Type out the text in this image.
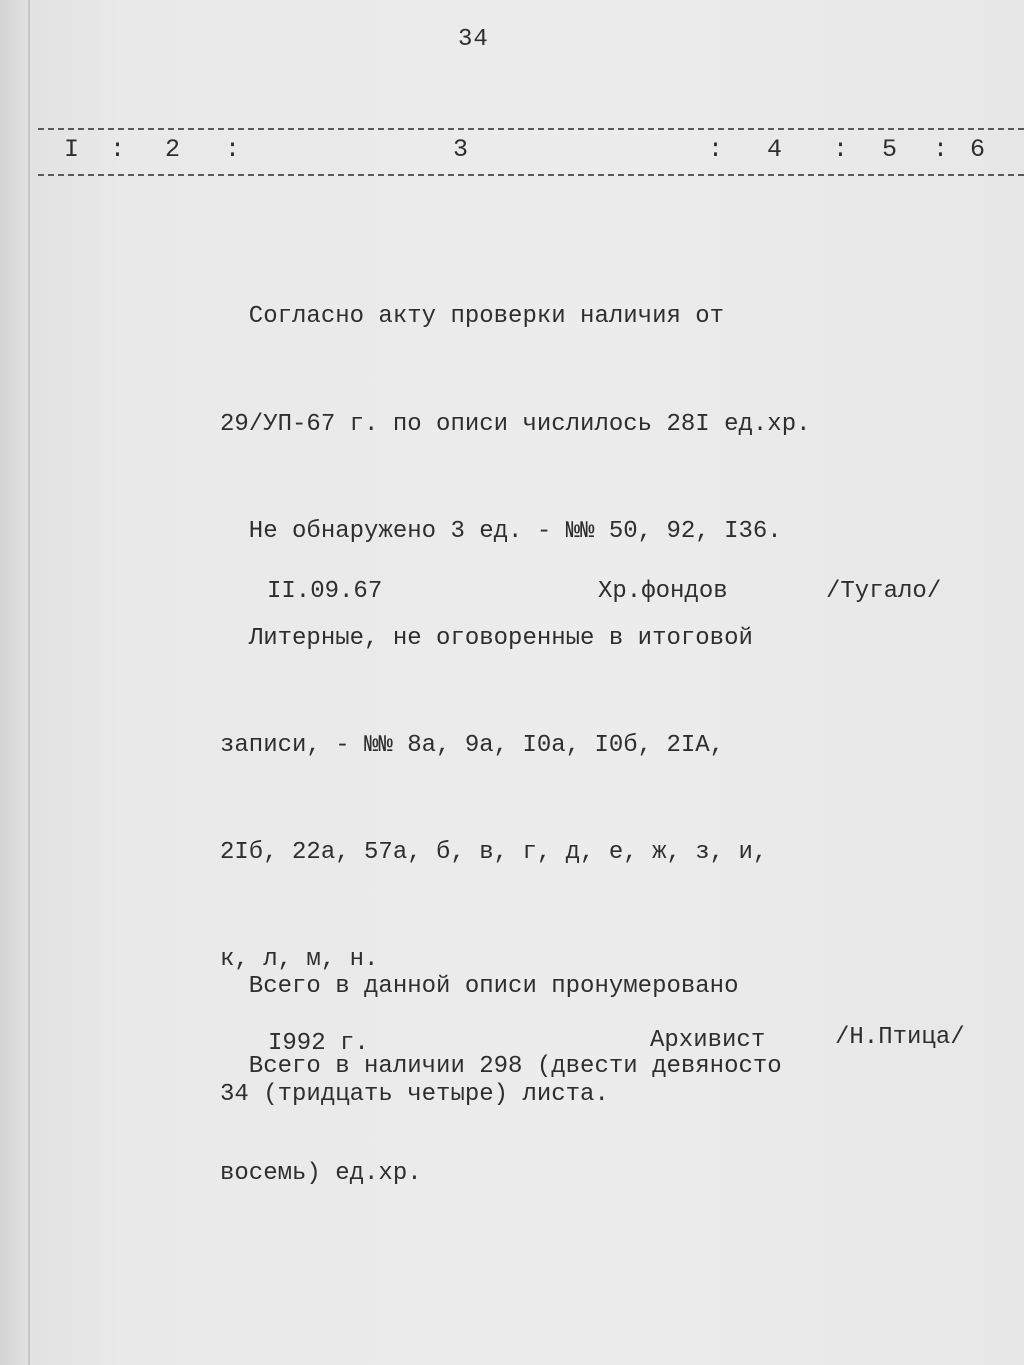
34
I : 2 :	3	: 4 : 5 : 6

Согласно акту проверки наличия от

29/УП-67 г. по описи числилось 28I ед.хр.

Не обнаружено 3 ед. - №№ 50, 92, I36.

Литерные, не оговоренные в итоговой

записи, - №№ 8а, 9а, I0а, I0б, 2IА,

2Iб, 22а, 57а, б, в, г, д, е, ж, з, и,

к, л, м, н.

Всего в наличии 298 (двести девяносто

восемь) ед.хр.

II.09.67	Хр.фондов	/Тугало/

Всего в данной описи пронумеровано

34 (тридцать четыре) листа.

I992 г.	Архивист	/Н.Птица/
